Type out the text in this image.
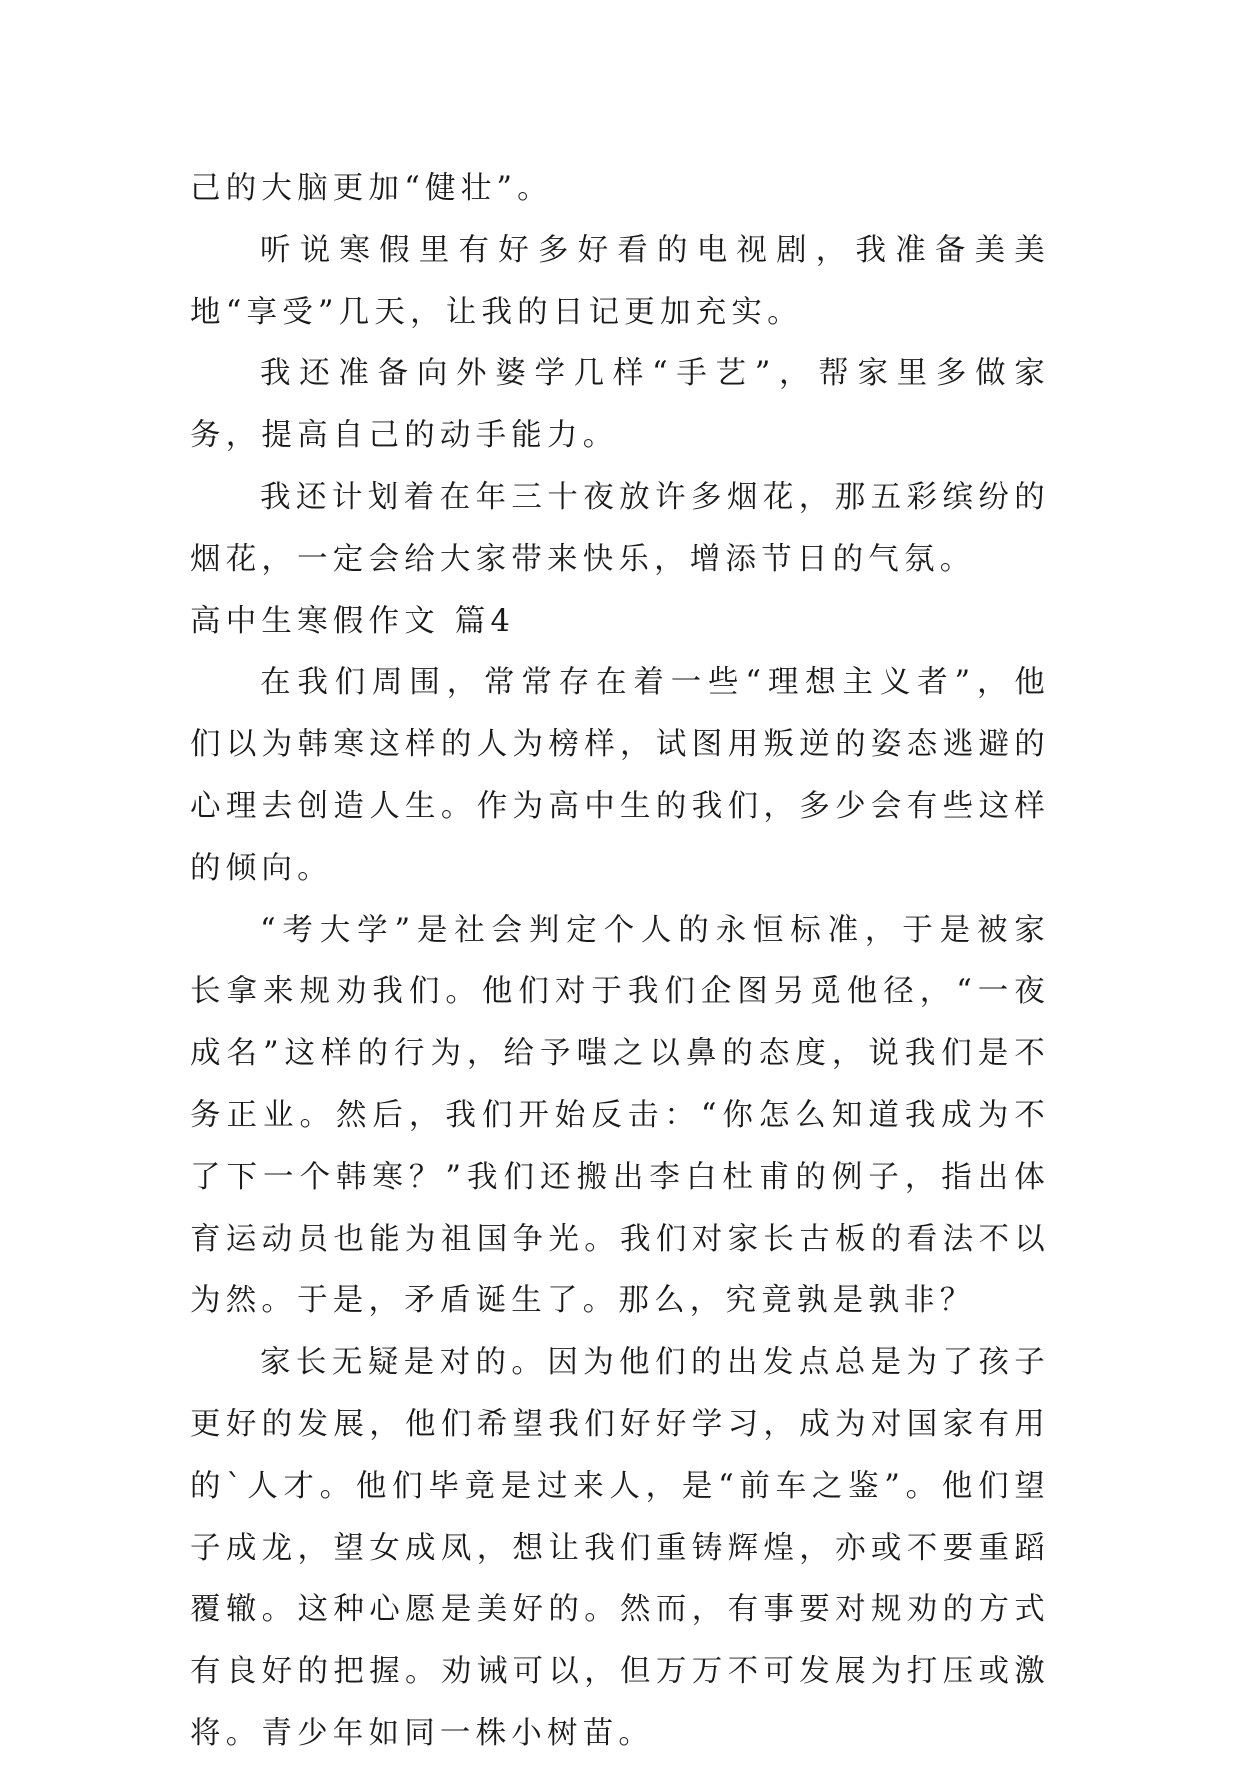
己的大脑更加“健壮”。

听说寒假里有好多好看的电视剧，我准备美美地“享受”几天，让我的日记更加充实。

我还准备向外婆学几样“手艺”，帮家里多做家务，提高自己的动手能力。

我还计划着在年三十夜放许多烟花，那五彩缤纷的烟花，一定会给大家带来快乐，增添节日的气氛。

高中生寒假作文 篇4

在我们周围，常常存在着一些“理想主义者”，他们以为韩寒这样的人为榜样，试图用叛逆的姿态逃避的心理去创造人生。作为高中生的我们，多少会有些这样的倾向。

“考大学”是社会判定个人的永恒标准，于是被家长拿来规劝我们。他们对于我们企图另觅他径，“一夜成名”这样的行为，给予嗤之以鼻的态度，说我们是不务正业。然后，我们开始反击：“你怎么知道我成为不了下一个韩寒？”我们还搬出李白杜甫的例子，指出体育运动员也能为祖国争光。我们对家长古板的看法不以为然。于是，矛盾诞生了。那么，究竟孰是孰非？

家长无疑是对的。因为他们的出发点总是为了孩子更好的发展，他们希望我们好好学习，成为对国家有用的`人才。他们毕竟是过来人，是“前车之鉴”。他们望子成龙，望女成凤，想让我们重铸辉煌，亦或不要重蹈覆辙。这种心愿是美好的。然而，有事要对规劝的方式有良好的把握。劝诫可以，但万万不可发展为打压或激将。青少年如同一株小树苗。
